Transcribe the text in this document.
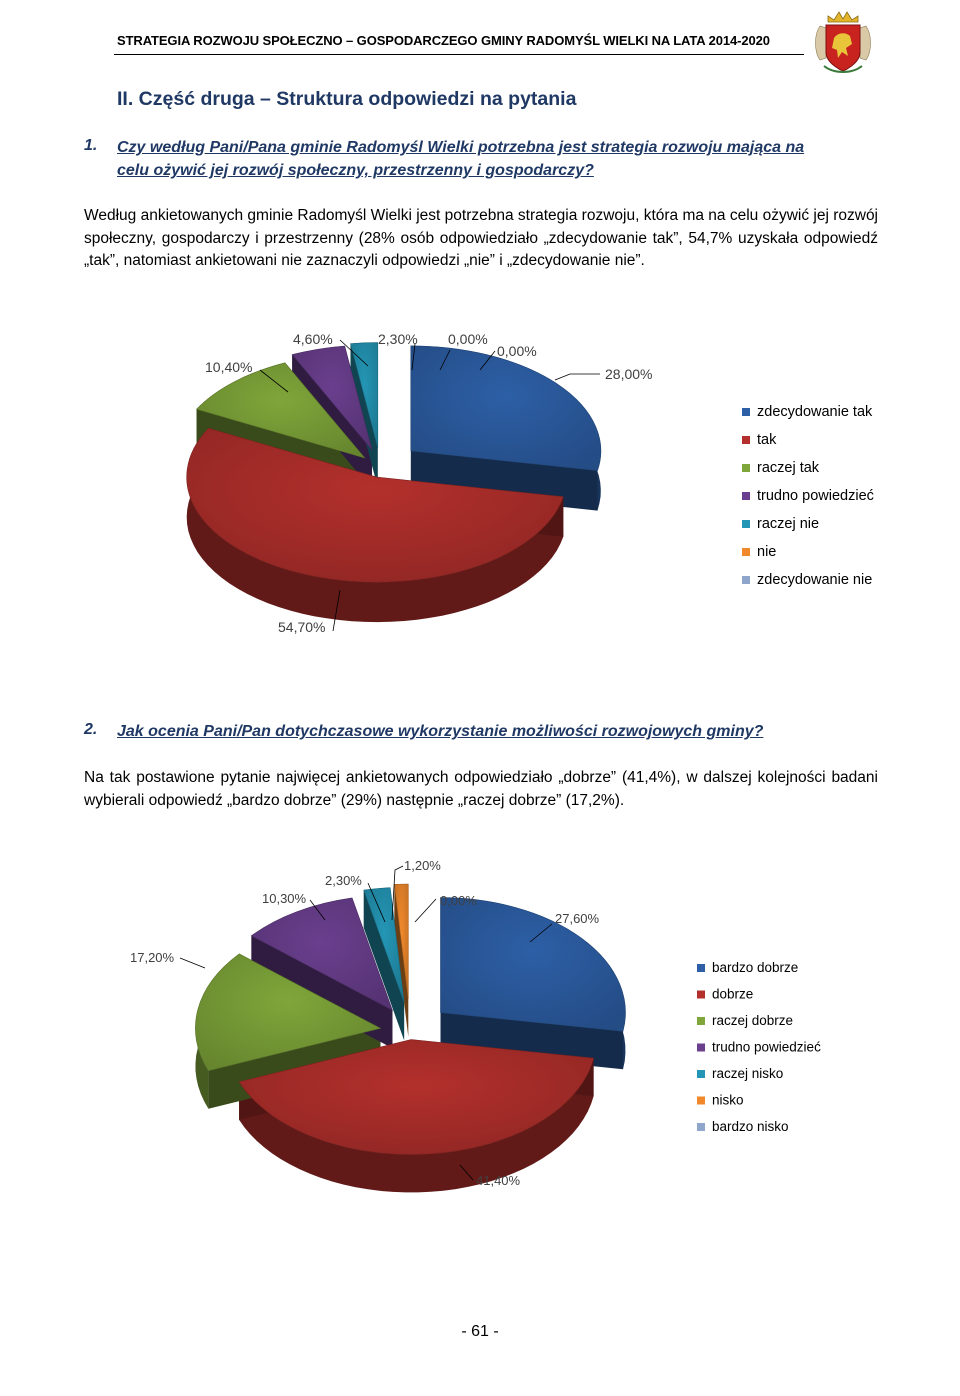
STRATEGIA ROZWOJU SPOŁECZNO – GOSPODARCZEGO GMINY RADOMYŚL WIELKI NA LATA 2014-2020
II. Część druga – Struktura odpowiedzi na pytania
1. Czy według Pani/Pana gminie Radomyśl Wielki potrzebna jest strategia rozwoju mająca na
celu ożywić jej rozwój społeczny, przestrzenny i gospodarczy?
Według ankietowanych gminie Radomyśl Wielki jest potrzebna strategia rozwoju, która ma na celu ożywić jej rozwój społeczny, gospodarczy i przestrzenny (28% osób odpowiedziało „zdecydowanie tak”, 54,7% uzyskała odpowiedź „tak”, natomiast ankietowani nie zaznaczyli odpowiedzi „nie” i „zdecydowanie nie”.
28,00%
54,70%
10,40%
4,60%	2,30% 0,00%
0,00%
zdecydowanie tak
tak
raczej tak
trudno powiedzieć
raczej nie
nie
zdecydowanie nie
2. Jak ocenia Pani/Pan dotychczasowe wykorzystanie możliwości rozwojowych gminy?
Na tak postawione pytanie najwięcej ankietowanych odpowiedziało „dobrze” (41,4%), w dalszej kolejności badani wybierali odpowiedź „bardzo dobrze” (29%) następnie „raczej dobrze” (17,2%).
27,60%
41,40%
17,20%
10,30%
2,30%
1,20%
0,00%
bardzo dobrze
dobrze
raczej dobrze
trudno powiedzieć
raczej nisko
nisko
bardzo nisko
- 61 -
